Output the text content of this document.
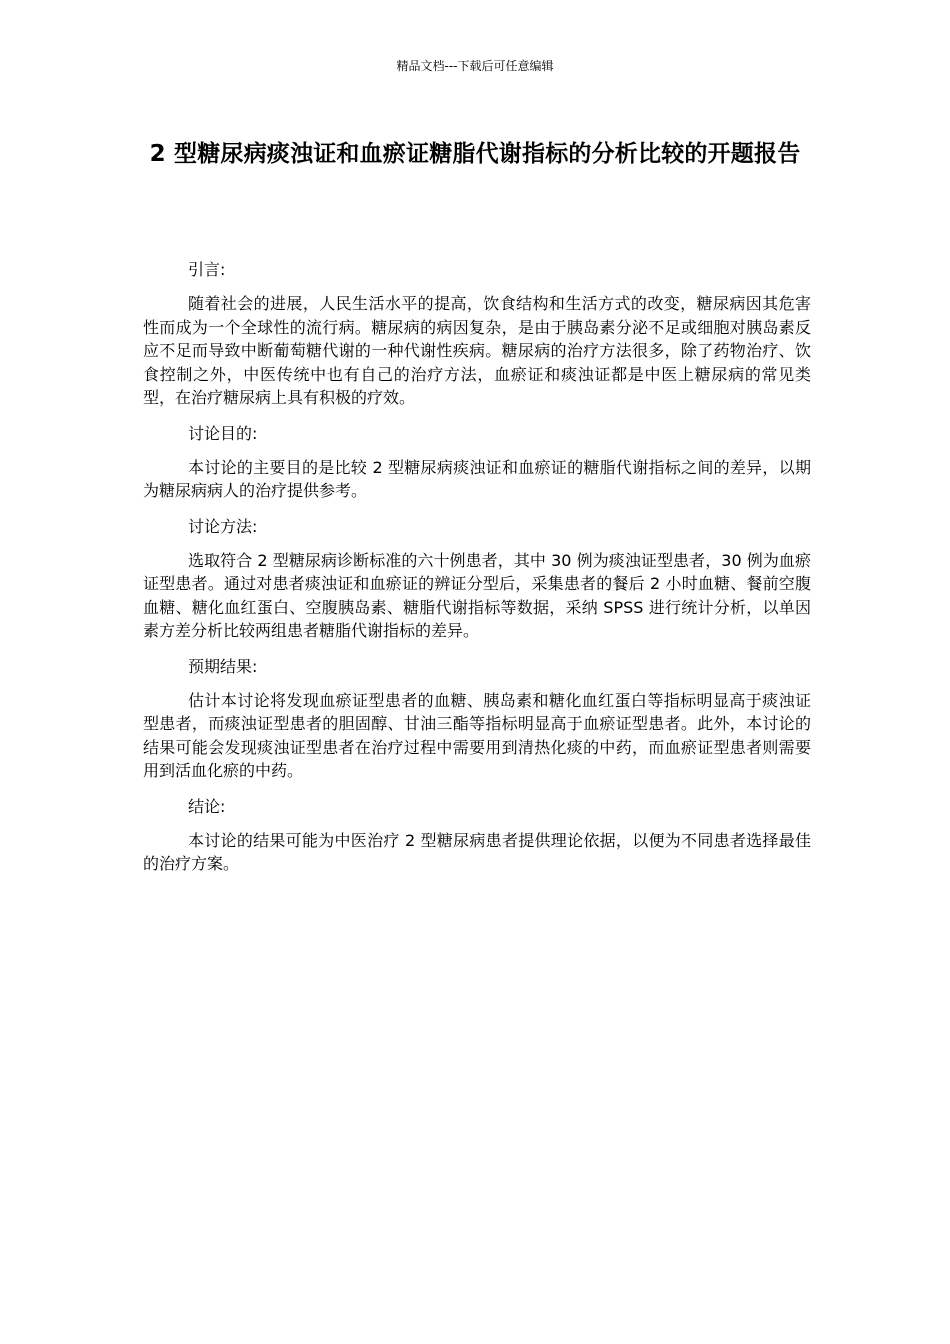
精品文档---下载后可任意编辑
2 型糖尿病痰浊证和血瘀证糖脂代谢指标的分析比较的开题报告

引言:

随着社会的进展，人民生活水平的提高，饮食结构和生活方式的改变，糖尿病因其危害性而成为一个全球性的流行病。糖尿病的病因复杂，是由于胰岛素分泌不足或细胞对胰岛素反应不足而导致中断葡萄糖代谢的一种代谢性疾病。糖尿病的治疗方法很多，除了药物治疗、饮食控制之外，中医传统中也有自己的治疗方法，血瘀证和痰浊证都是中医上糖尿病的常见类型，在治疗糖尿病上具有积极的疗效。

讨论目的:

本讨论的主要目的是比较 2 型糖尿病痰浊证和血瘀证的糖脂代谢指标之间的差异，以期为糖尿病病人的治疗提供参考。

讨论方法:

选取符合 2 型糖尿病诊断标准的六十例患者，其中 30 例为痰浊证型患者，30 例为血瘀证型患者。通过对患者痰浊证和血瘀证的辨证分型后，采集患者的餐后 2 小时血糖、餐前空腹血糖、糖化血红蛋白、空腹胰岛素、糖脂代谢指标等数据，采纳 SPSS 进行统计分析，以单因素方差分析比较两组患者糖脂代谢指标的差异。

预期结果:

估计本讨论将发现血瘀证型患者的血糖、胰岛素和糖化血红蛋白等指标明显高于痰浊证型患者，而痰浊证型患者的胆固醇、甘油三酯等指标明显高于血瘀证型患者。此外，本讨论的结果可能会发现痰浊证型患者在治疗过程中需要用到清热化痰的中药，而血瘀证型患者则需要用到活血化瘀的中药。

结论:

本讨论的结果可能为中医治疗 2 型糖尿病患者提供理论依据，以便为不同患者选择最佳的治疗方案。
